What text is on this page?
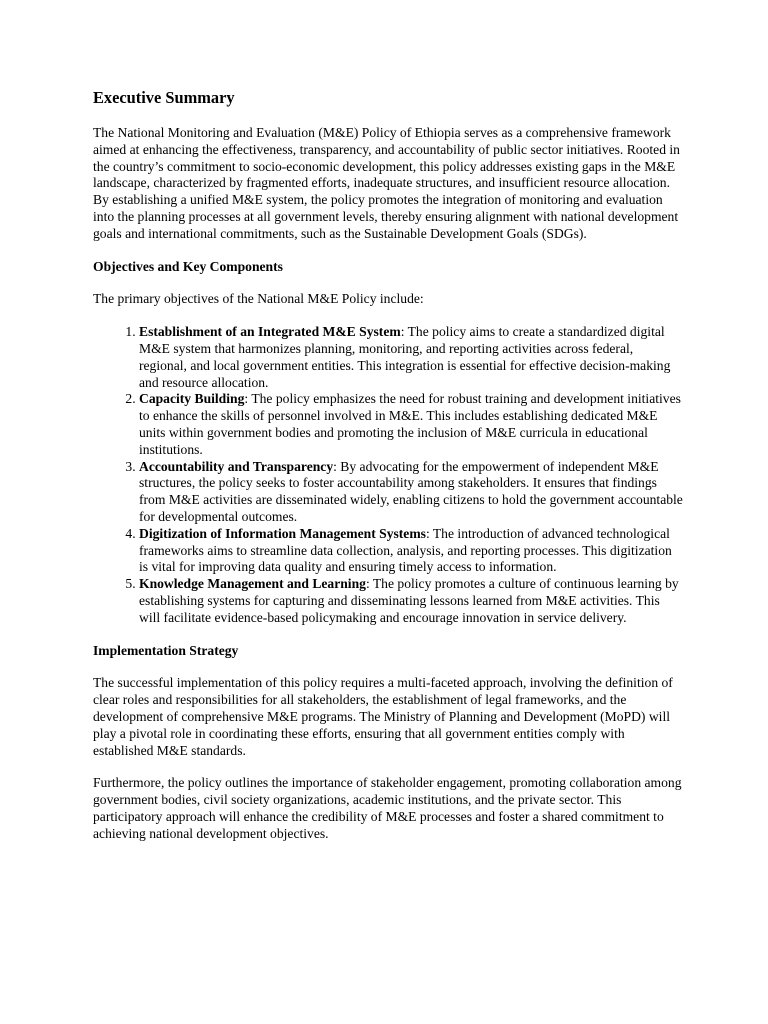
Executive Summary

The National Monitoring and Evaluation (M&E) Policy of Ethiopia serves as a comprehensive framework aimed at enhancing the effectiveness, transparency, and accountability of public sector initiatives. Rooted in the country’s commitment to socio-economic development, this policy addresses existing gaps in the M&E landscape, characterized by fragmented efforts, inadequate structures, and insufficient resource allocation. By establishing a unified M&E system, the policy promotes the integration of monitoring and evaluation into the planning processes at all government levels, thereby ensuring alignment with national development goals and international commitments, such as the Sustainable Development Goals (SDGs).

Objectives and Key Components

The primary objectives of the National M&E Policy include:

1. Establishment of an Integrated M&E System: The policy aims to create a standardized digital M&E system that harmonizes planning, monitoring, and reporting activities across federal, regional, and local government entities. This integration is essential for effective decision-making and resource allocation.
2. Capacity Building: The policy emphasizes the need for robust training and development initiatives to enhance the skills of personnel involved in M&E. This includes establishing dedicated M&E units within government bodies and promoting the inclusion of M&E curricula in educational institutions.
3. Accountability and Transparency: By advocating for the empowerment of independent M&E structures, the policy seeks to foster accountability among stakeholders. It ensures that findings from M&E activities are disseminated widely, enabling citizens to hold the government accountable for developmental outcomes.
4. Digitization of Information Management Systems: The introduction of advanced technological frameworks aims to streamline data collection, analysis, and reporting processes. This digitization is vital for improving data quality and ensuring timely access to information.
5. Knowledge Management and Learning: The policy promotes a culture of continuous learning by establishing systems for capturing and disseminating lessons learned from M&E activities. This will facilitate evidence-based policymaking and encourage innovation in service delivery.
Implementation Strategy

The successful implementation of this policy requires a multi-faceted approach, involving the definition of clear roles and responsibilities for all stakeholders, the establishment of legal frameworks, and the development of comprehensive M&E programs. The Ministry of Planning and Development (MoPD) will play a pivotal role in coordinating these efforts, ensuring that all government entities comply with established M&E standards.

Furthermore, the policy outlines the importance of stakeholder engagement, promoting collaboration among government bodies, civil society organizations, academic institutions, and the private sector. This participatory approach will enhance the credibility of M&E processes and foster a shared commitment to achieving national development objectives.
